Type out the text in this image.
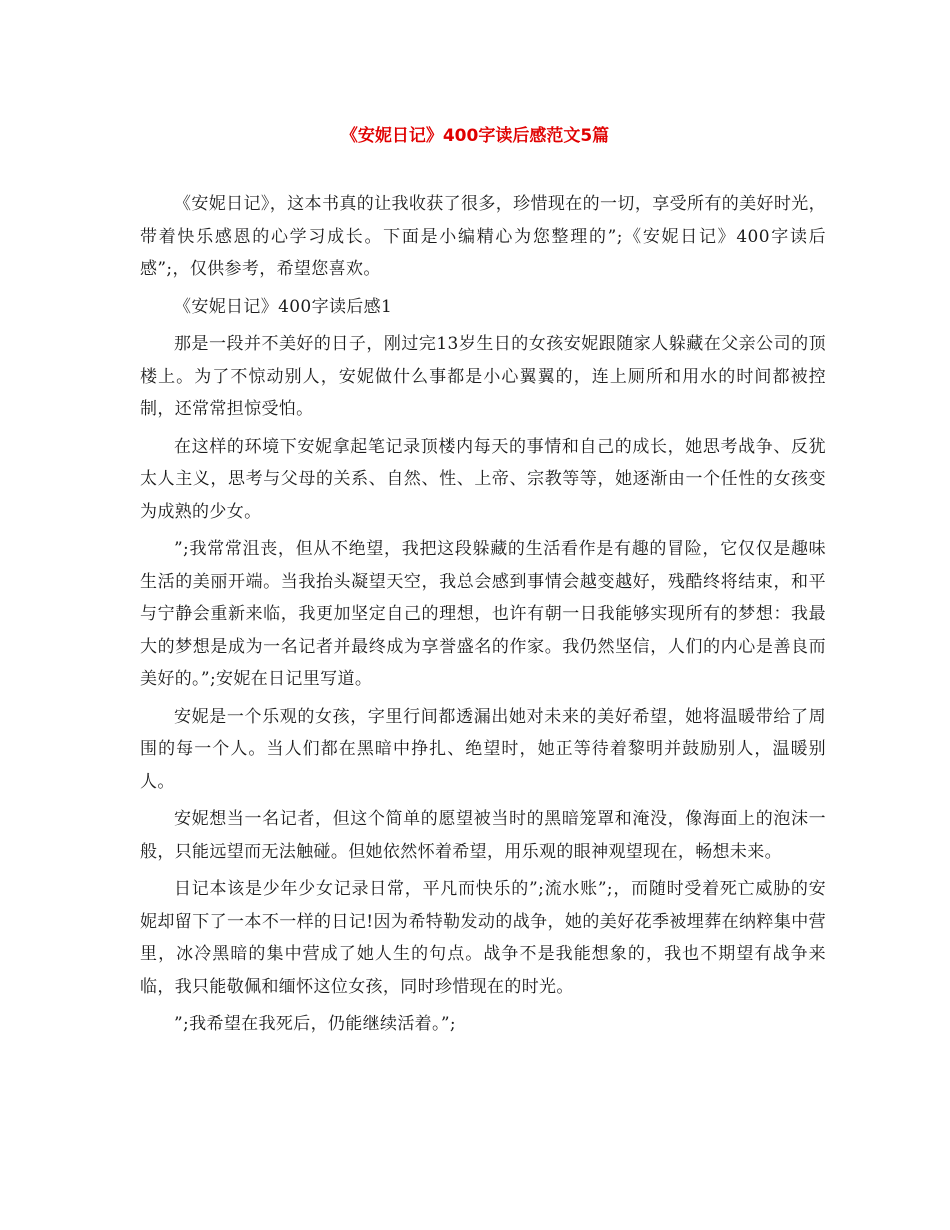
《安妮日记》400字读后感范文5篇

《安妮日记》，这本书真的让我收获了很多，珍惜现在的一切，享受所有的美好时光，带着快乐感恩的心学习成长。下面是小编精心为您整理的”;《安妮日记》400字读后感”;，仅供参考，希望您喜欢。

《安妮日记》400字读后感1

那是一段并不美好的日子，刚过完13岁生日的女孩安妮跟随家人躲藏在父亲公司的顶楼上。为了不惊动别人，安妮做什么事都是小心翼翼的，连上厕所和用水的时间都被控制，还常常担惊受怕。

在这样的环境下安妮拿起笔记录顶楼内每天的事情和自己的成长，她思考战争、反犹太人主义，思考与父母的关系、自然、性、上帝、宗教等等，她逐渐由一个任性的女孩变为成熟的少女。

”;我常常沮丧，但从不绝望，我把这段躲藏的生活看作是有趣的冒险，它仅仅是趣味生活的美丽开端。当我抬头凝望天空，我总会感到事情会越变越好，残酷终将结束，和平与宁静会重新来临，我更加坚定自己的理想，也许有朝一日我能够实现所有的梦想：我最大的梦想是成为一名记者并最终成为享誉盛名的作家。我仍然坚信，人们的内心是善良而美好的。”;安妮在日记里写道。

安妮是一个乐观的女孩，字里行间都透漏出她对未来的美好希望，她将温暖带给了周围的每一个人。当人们都在黑暗中挣扎、绝望时，她正等待着黎明并鼓励别人，温暖别人。

安妮想当一名记者，但这个简单的愿望被当时的黑暗笼罩和淹没，像海面上的泡沫一般，只能远望而无法触碰。但她依然怀着希望，用乐观的眼神观望现在，畅想未来。

日记本该是少年少女记录日常，平凡而快乐的”;流水账”;，而随时受着死亡威胁的安妮却留下了一本不一样的日记!因为希特勒发动的战争，她的美好花季被埋葬在纳粹集中营里，冰冷黑暗的集中营成了她人生的句点。战争不是我能想象的，我也不期望有战争来临，我只能敬佩和缅怀这位女孩，同时珍惜现在的时光。

”;我希望在我死后，仍能继续活着。”;
